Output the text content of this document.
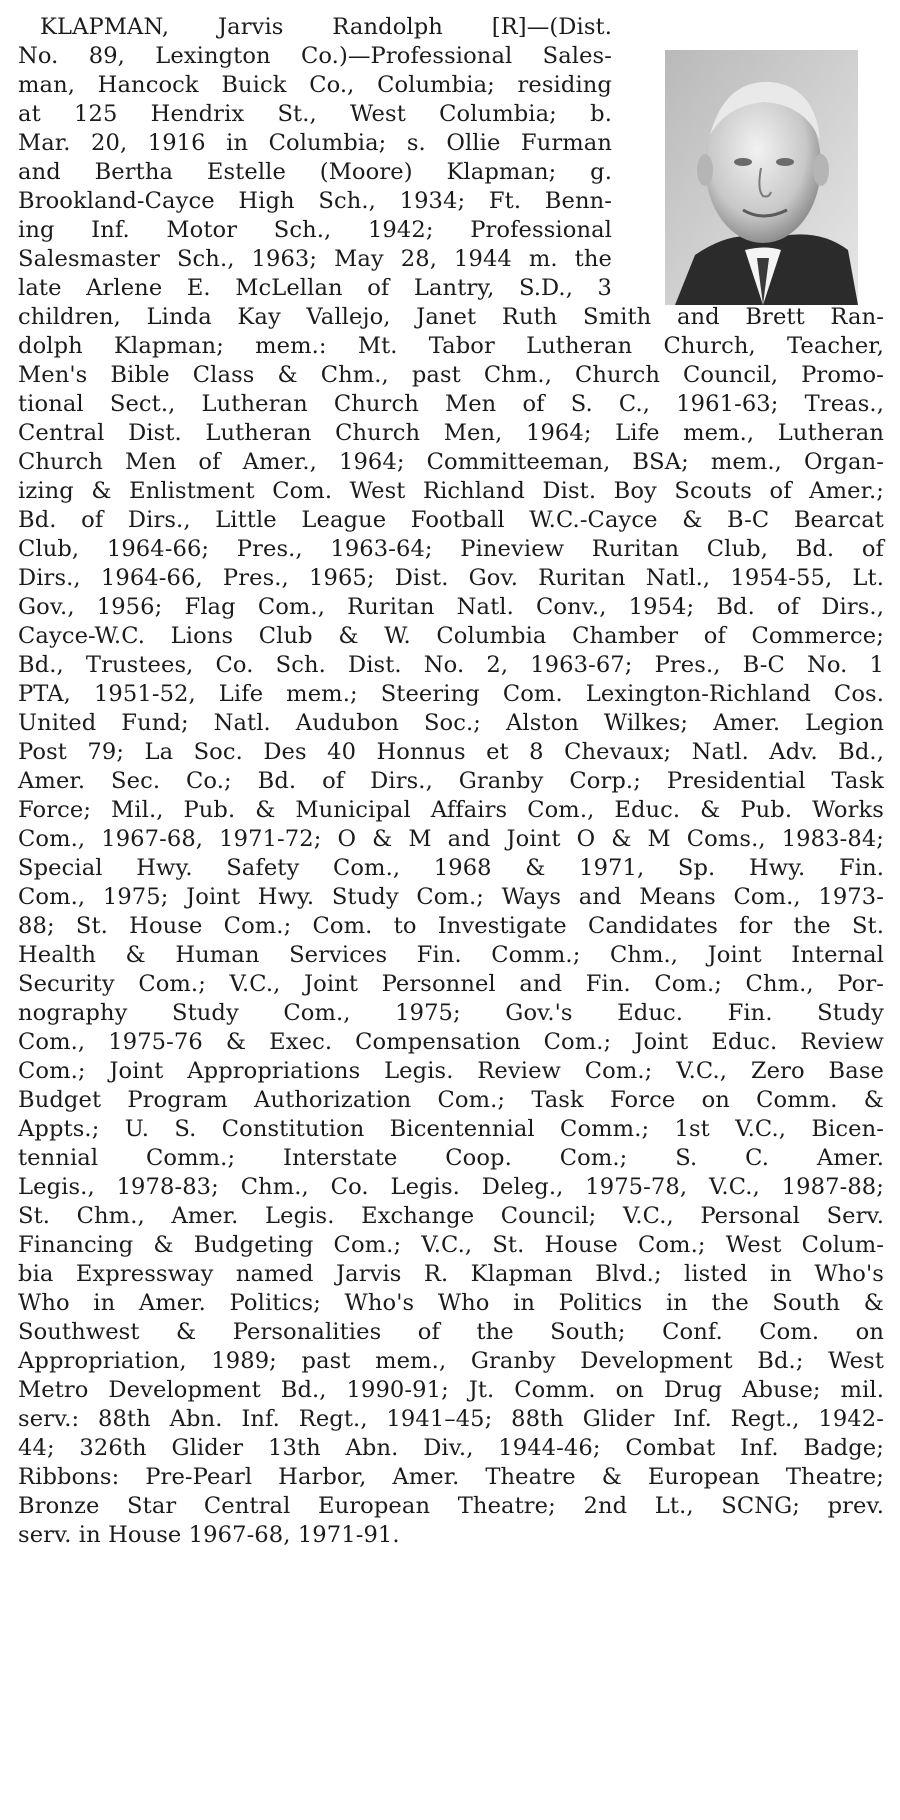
KLAPMAN, Jarvis Randolph [R]—(Dist.
No. 89, Lexington Co.)—Professional Sales-
man, Hancock Buick Co., Columbia; residing
at 125 Hendrix St., West Columbia; b.
Mar. 20, 1916 in Columbia; s. Ollie Furman
and Bertha Estelle (Moore) Klapman; g.
Brookland-Cayce High Sch., 1934; Ft. Benn-
ing Inf. Motor Sch., 1942; Professional
Salesmaster Sch., 1963; May 28, 1944 m. the
late Arlene E. McLellan of Lantry, S.D., 3
children, Linda Kay Vallejo, Janet Ruth Smith and Brett Ran-
dolph Klapman; mem.: Mt. Tabor Lutheran Church, Teacher,
Men's Bible Class & Chm., past Chm., Church Council, Promo-
tional Sect., Lutheran Church Men of S. C., 1961-63; Treas.,
Central Dist. Lutheran Church Men, 1964; Life mem., Lutheran
Church Men of Amer., 1964; Committeeman, BSA; mem., Organ-
izing & Enlistment Com. West Richland Dist. Boy Scouts of Amer.;
Bd. of Dirs., Little League Football W.C.-Cayce & B-C Bearcat
Club, 1964-66; Pres., 1963-64; Pineview Ruritan Club, Bd. of
Dirs., 1964-66, Pres., 1965; Dist. Gov. Ruritan Natl., 1954-55, Lt.
Gov., 1956; Flag Com., Ruritan Natl. Conv., 1954; Bd. of Dirs.,
Cayce-W.C. Lions Club & W. Columbia Chamber of Commerce;
Bd., Trustees, Co. Sch. Dist. No. 2, 1963-67; Pres., B-C No. 1
PTA, 1951-52, Life mem.; Steering Com. Lexington-Richland Cos.
United Fund; Natl. Audubon Soc.; Alston Wilkes; Amer. Legion
Post 79; La Soc. Des 40 Honnus et 8 Chevaux; Natl. Adv. Bd.,
Amer. Sec. Co.; Bd. of Dirs., Granby Corp.; Presidential Task
Force; Mil., Pub. & Municipal Affairs Com., Educ. & Pub. Works
Com., 1967-68, 1971-72; O & M and Joint O & M Coms., 1983-84;
Special Hwy. Safety Com., 1968 & 1971, Sp. Hwy. Fin.
Com., 1975; Joint Hwy. Study Com.; Ways and Means Com., 1973-
88; St. House Com.; Com. to Investigate Candidates for the St.
Health & Human Services Fin. Comm.; Chm., Joint Internal
Security Com.; V.C., Joint Personnel and Fin. Com.; Chm., Por-
nography Study Com., 1975; Gov.'s Educ. Fin. Study
Com., 1975-76 & Exec. Compensation Com.; Joint Educ. Review
Com.; Joint Appropriations Legis. Review Com.; V.C., Zero Base
Budget Program Authorization Com.; Task Force on Comm. &
Appts.; U. S. Constitution Bicentennial Comm.; 1st V.C., Bicen-
tennial Comm.; Interstate Coop. Com.; S. C. Amer.
Legis., 1978-83; Chm., Co. Legis. Deleg., 1975-78, V.C., 1987-88;
St. Chm., Amer. Legis. Exchange Council; V.C., Personal Serv.
Financing & Budgeting Com.; V.C., St. House Com.; West Colum-
bia Expressway named Jarvis R. Klapman Blvd.; listed in Who's
Who in Amer. Politics; Who's Who in Politics in the South &
Southwest & Personalities of the South; Conf. Com. on
Appropriation, 1989; past mem., Granby Development Bd.; West
Metro Development Bd., 1990-91; Jt. Comm. on Drug Abuse; mil.
serv.: 88th Abn. Inf. Regt., 1941–45; 88th Glider Inf. Regt., 1942-
44; 326th Glider 13th Abn. Div., 1944-46; Combat Inf. Badge;
Ribbons: Pre-Pearl Harbor, Amer. Theatre & European Theatre;
Bronze Star Central European Theatre; 2nd Lt., SCNG; prev.
serv. in House 1967-68, 1971-91.
